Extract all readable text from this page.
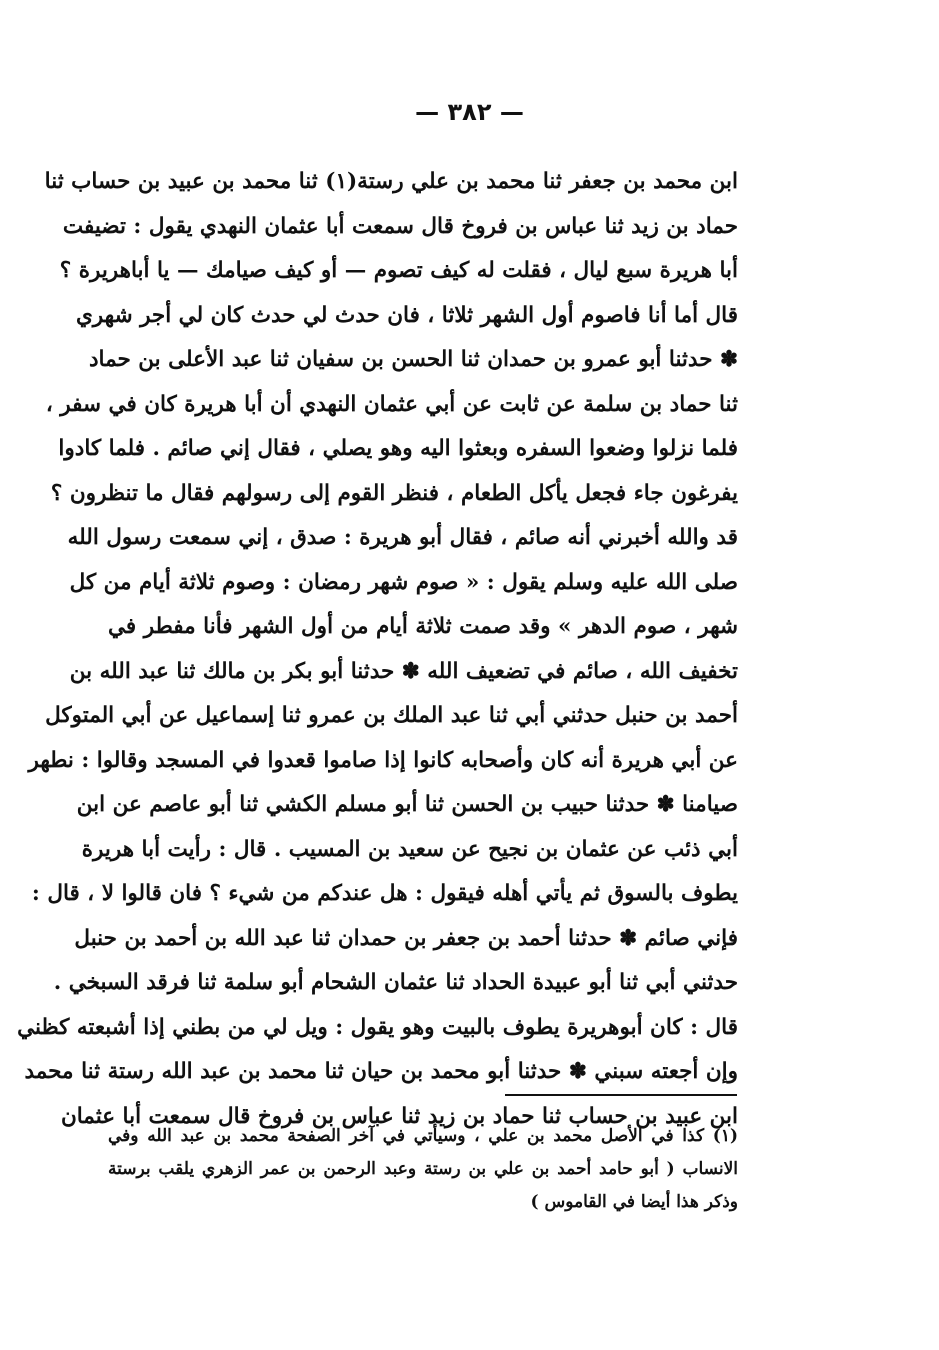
— ٣٨٢ —
ابن محمد بن جعفر ثنا محمد بن علي رستة(١) ثنا محمد بن عبيد بن حساب ثنا
حماد بن زيد ثنا عباس بن فروخ قال سمعت أبا عثمان النهدي يقول : تضيفت
أبا هريرة سبع ليال ، فقلت له كيف تصوم — أو كيف صيامك — يا أباهريرة ؟
قال أما أنا فاصوم أول الشهر ثلاثا ، فان حدث لي حدث كان لي أجر شهري
✽ حدثنا أبو عمرو بن حمدان ثنا الحسن بن سفيان ثنا عبد الأعلى بن حماد
ثنا حماد بن سلمة عن ثابت عن أبي عثمان النهدي أن أبا هريرة كان في سفر ،
فلما نزلوا وضعوا السفره وبعثوا اليه وهو يصلي ، فقال إني صائم . فلما كادوا
يفرغون جاء فجعل يأكل الطعام ، فنظر القوم إلى رسولهم فقال ما تنظرون ؟
قد والله أخبرني أنه صائم ، فقال أبو هريرة : صدق ، إني سمعت رسول الله
صلى الله عليه وسلم يقول : « صوم شهر رمضان : وصوم ثلاثة أيام من كل
شهر ، صوم الدهر » وقد صمت ثلاثة أيام من أول الشهر فأنا مفطر في
تخفيف الله ، صائم في تضعيف الله ✽ حدثنا أبو بكر بن مالك ثنا عبد الله بن
أحمد بن حنبل حدثني أبي ثنا عبد الملك بن عمرو ثنا إسماعيل عن أبي المتوكل
عن أبي هريرة أنه كان وأصحابه كانوا إذا صاموا قعدوا في المسجد وقالوا : نطهر
صيامنا ✽ حدثنا حبيب بن الحسن ثنا أبو مسلم الكشي ثنا أبو عاصم عن ابن
أبي ذئب عن عثمان بن نجيح عن سعيد بن المسيب . قال : رأيت أبا هريرة
يطوف بالسوق ثم يأتي أهله فيقول : هل عندكم من شيء ؟ فان قالوا لا ، قال :
فإني صائم ✽ حدثنا أحمد بن جعفر بن حمدان ثنا عبد الله بن أحمد بن حنبل
حدثني أبي ثنا أبو عبيدة الحداد ثنا عثمان الشحام أبو سلمة ثنا فرقد السبخي .
قال : كان أبوهريرة يطوف بالبيت وهو يقول : ويل لي من بطني إذا أشبعته كظني
وإن أجعته سبني ✽ حدثنا أبو محمد بن حيان ثنا محمد بن عبد الله رستة ثنا محمد
ابن عبيد بن حساب ثنا حماد بن زيد ثنا عباس بن فروخ قال سمعت أبا عثمان
(١) كذا في الأصل محمد بن علي ، وسيأتي في آخر الصفحة محمد بن عبد الله وفي
الانساب ( أبو حامد أحمد بن علي بن رستة وعبد الرحمن بن عمر الزهري يلقب برستة
وذكر هذا أيضا في القاموس )
